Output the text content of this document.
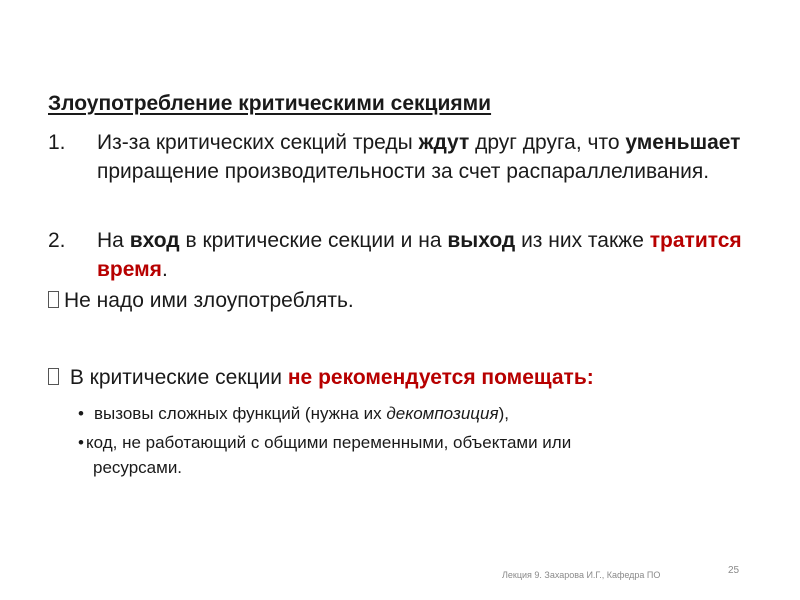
Злоупотребление критическими секциями
1. Из-за критических секций треды ждут друг друга, что уменьшает приращение производительности за счет распараллеливания.
2. На вход в критические секции и на выход из них также тратится время.
Не надо ими злоупотреблять.
В критические секции не рекомендуется помещать:
• вызовы сложных функций (нужна их декомпозиция),
• код, не работающий с общими переменными, объектами или
ресурсами.
Лекция 9. Захарова И.Г., Кафедра ПО	25
